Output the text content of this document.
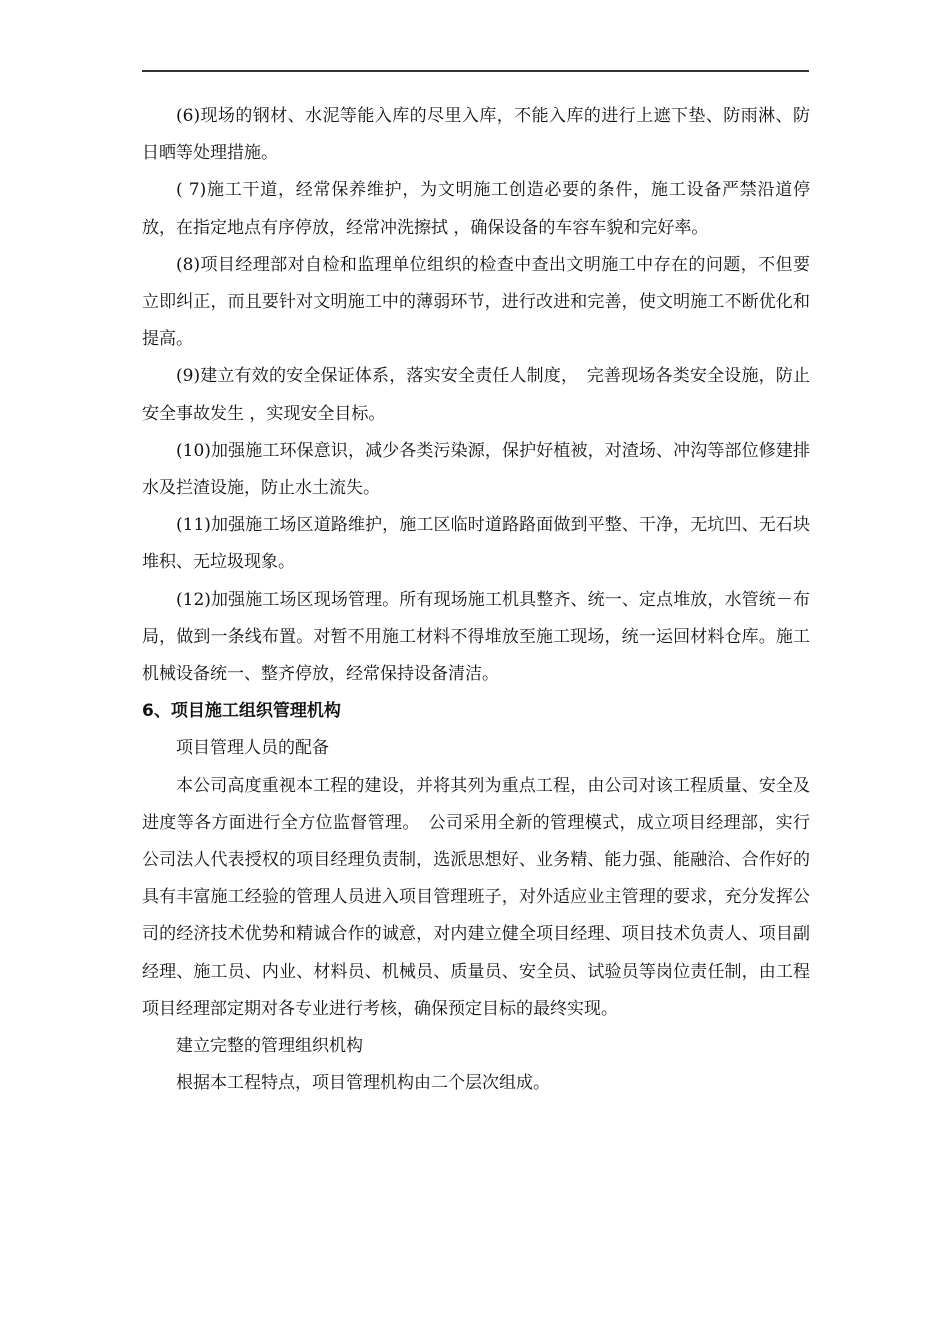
(6)现场的钢材、水泥等能入库的尽里入库，不能入库的进行上遮下垫、防雨淋、防日晒等处理措施。

( 7)施工干道，经常保养维护，为文明施工创造必要的条件，施工设备严禁沿道停放，在指定地点有序停放，经常冲洗擦拭 ，确保设备的车容车貌和完好率。

(8)项目经理部对自检和监理单位组织的检查中查出文明施工中存在的问题，不但要立即纠正，而且要针对文明施工中的薄弱环节，进行改进和完善，使文明施工不断优化和提高。

(9)建立有效的安全保证体系，落实安全责任人制度，　完善现场各类安全设施，防止安全事故发生 ，实现安全目标。

(10)加强施工环保意识，减少各类污染源，保护好植被，对渣场、冲沟等部位修建排水及拦渣设施，防止水土流失。

(11)加强施工场区道路维护，施工区临时道路路面做到平整、干净，无坑凹、无石块堆积、无垃圾现象。

(12)加强施工场区现场管理。所有现场施工机具整齐、统一、定点堆放，水管统－布局，做到一条线布置。对暂不用施工材料不得堆放至施工现场，统一运回材料仓库。施工机械设备统一、整齐停放，经常保持设备清洁。

6、项目施工组织管理机构

项目管理人员的配备

本公司高度重视本工程的建设，并将其列为重点工程，由公司对该工程质量、安全及进度等各方面进行全方位监督管理。　公司采用全新的管理模式，成立项目经理部，实行公司法人代表授权的项目经理负责制，选派思想好、业务精、能力强、能融洽、合作好的具有丰富施工经验的管理人员进入项目管理班子，对外适应业主管理的要求，充分发挥公司的经济技术优势和精诚合作的诚意，对内建立健全项目经理、项目技术负责人、项目副经理、施工员、内业、材料员、机械员、质量员、安全员、试验员等岗位责任制，由工程项目经理部定期对各专业进行考核，确保预定目标的最终实现。

建立完整的管理组织机构

根据本工程特点，项目管理机构由二个层次组成。
